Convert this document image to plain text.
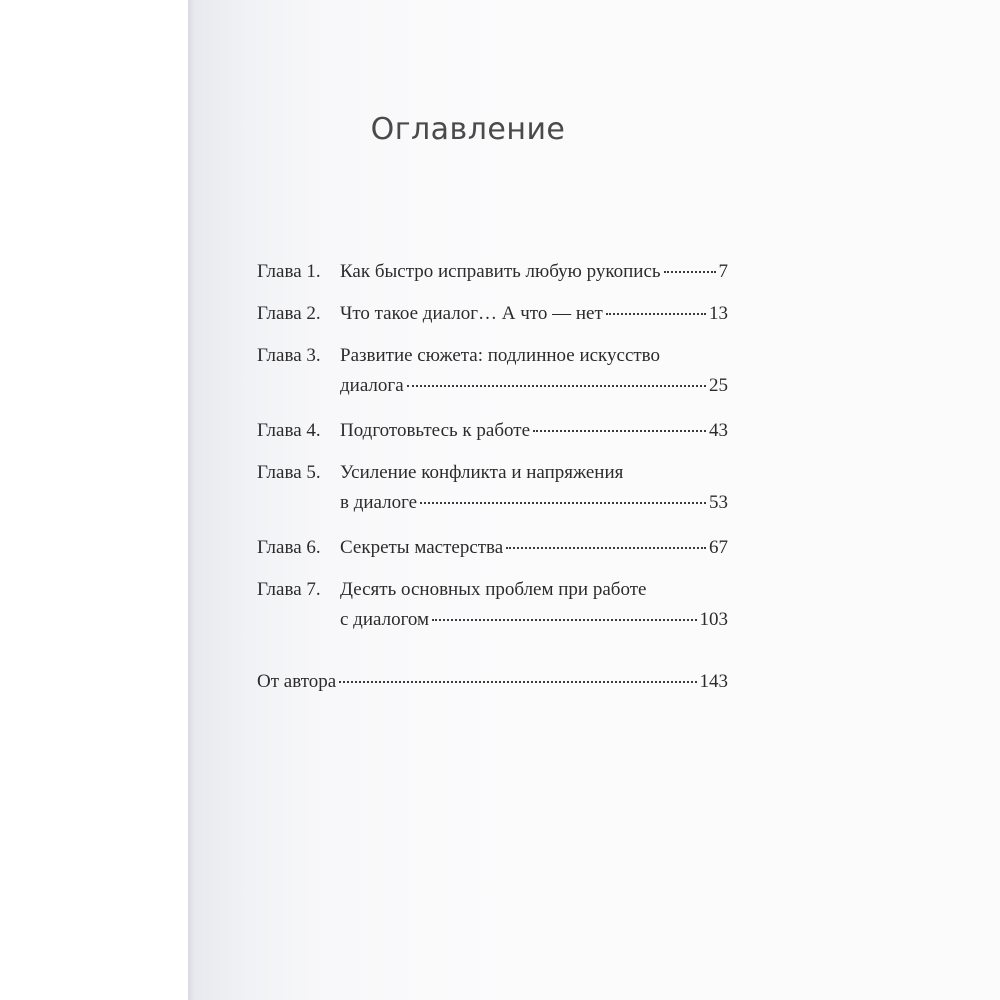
Оглавление
Глава 1. Как быстро исправить любую рукопись	7
Глава 2. Что такое диалог… А что — нет	13
Глава 3. Развитие сюжета: подлинное искусство
диалога	25
Глава 4. Подготовьтесь к работе	43
Глава 5. Усиление конфликта и напряжения
в диалоге	53
Глава 6. Секреты мастерства	67
Глава 7. Десять основных проблем при работе
с диалогом	103
От автора	143
